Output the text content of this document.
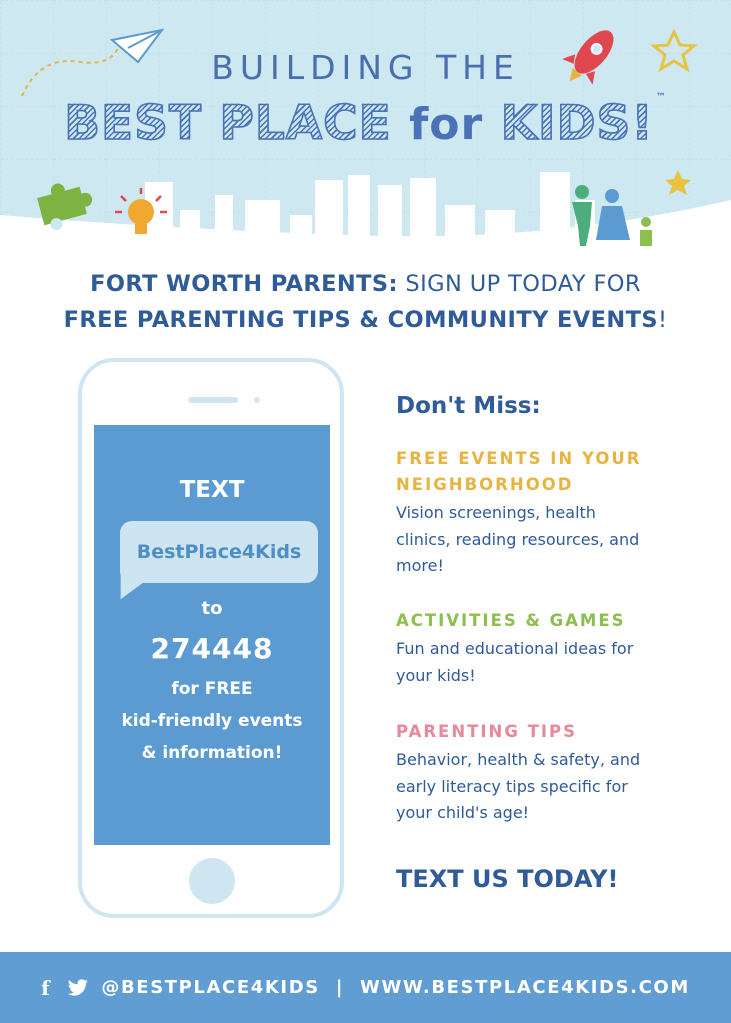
BUILDING THE
BEST PLACE for KIDS! ™
FORT WORTH PARENTS: SIGN UP TODAY FOR
FREE PARENTING TIPS & COMMUNITY EVENTS!
TEXT
BestPlace4Kids
to
274448
for FREE
kid-friendly events
& information!
Don't Miss:
FREE EVENTS IN YOUR NEIGHBORHOOD
Vision screenings, health clinics, reading resources, and more!
ACTIVITIES & GAMES
Fun and educational ideas for your kids!
PARENTING TIPS
Behavior, health & safety, and early literacy tips specific for your child's age!
TEXT US TODAY!
f	@BESTPLACE4KIDS | WWW.BESTPLACE4KIDS.COM
